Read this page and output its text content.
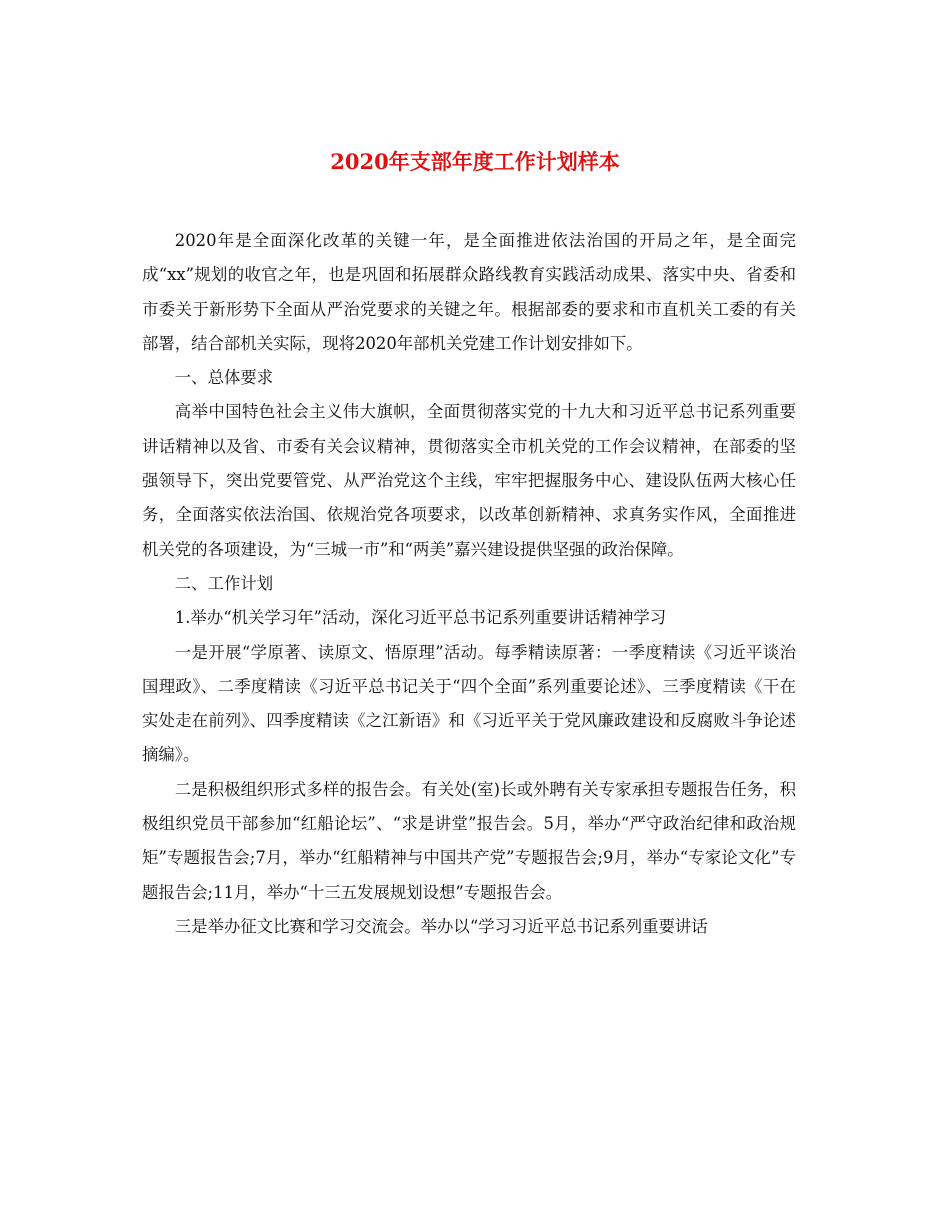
2020年支部年度工作计划样本

2020年是全面深化改革的关键一年，是全面推进依法治国的开局之年，是全面完成“xx”规划的收官之年，也是巩固和拓展群众路线教育实践活动成果、落实中央、省委和市委关于新形势下全面从严治党要求的关键之年。根据部委的要求和市直机关工委的有关部署，结合部机关实际，现将2020年部机关党建工作计划安排如下。

一、总体要求

高举中国特色社会主义伟大旗帜，全面贯彻落实党的十九大和习近平总书记系列重要讲话精神以及省、市委有关会议精神，贯彻落实全市机关党的工作会议精神，在部委的坚强领导下，突出党要管党、从严治党这个主线，牢牢把握服务中心、建设队伍两大核心任务，全面落实依法治国、依规治党各项要求，以改革创新精神、求真务实作风，全面推进机关党的各项建设，为“三城一市”和“两美”嘉兴建设提供坚强的政治保障。

二、工作计划

1.举办“机关学习年”活动，深化习近平总书记系列重要讲话精神学习

一是开展“学原著、读原文、悟原理”活动。每季精读原著：一季度精读《习近平谈治国理政》、二季度精读《习近平总书记关于“四个全面”系列重要论述》、三季度精读《干在实处走在前列》、四季度精读《之江新语》和《习近平关于党风廉政建设和反腐败斗争论述摘编》。

二是积极组织形式多样的报告会。有关处(室)长或外聘有关专家承担专题报告任务，积极组织党员干部参加“红船论坛”、“求是讲堂”报告会。5月，举办“严守政治纪律和政治规矩”专题报告会;7月，举办“红船精神与中国共产党”专题报告会;9月，举办“专家论文化”专题报告会;11月，举办“十三五发展规划设想”专题报告会。

三是举办征文比赛和学习交流会。举办以“学习习近平总书记系列重要讲话
